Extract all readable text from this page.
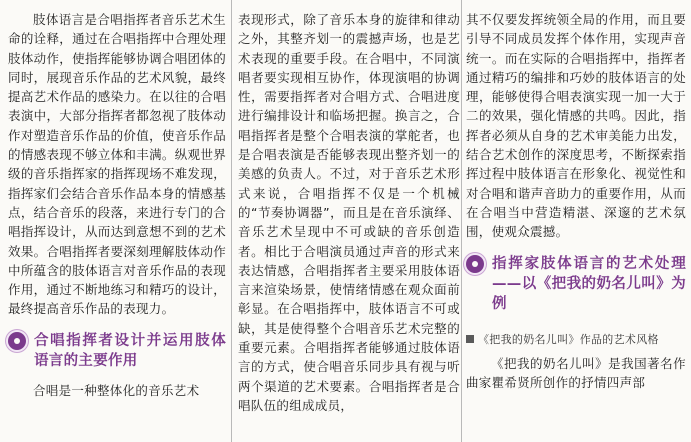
肢体语言是合唱指挥者音乐艺术生命的诠释，通过在合唱指挥中合理处理肢体动作，使指挥能够协调合唱团体的同时，展现音乐作品的艺术风貌，最终提高艺术作品的感染力。在以往的合唱表演中，大部分指挥者都忽视了肢体动作对塑造音乐作品的价值，使音乐作品的情感表现不够立体和丰满。纵观世界级的音乐指挥家的指挥现场不难发现，指挥家们会结合音乐作品本身的情感基点，结合音乐的段落，来进行专门的合唱指挥设计，从而达到意想不到的艺术效果。合唱指挥者要深刻理解肢体动作中所蕴含的肢体语言对音乐作品的表现作用，通过不断地练习和精巧的设计，最终提高音乐作品的表现力。

合唱指挥者设计并运用肢体语言的主要作用

合唱是一种整体化的音乐艺术

表现形式，除了音乐本身的旋律和律动之外，其整齐划一的震撼声场，也是艺术表现的重要手段。在合唱中，不同演唱者要实现相互协作，体现演唱的协调性，需要指挥者对合唱方式、合唱进度进行编排设计和临场把握。换言之，合唱指挥者是整个合唱表演的掌舵者，也是合唱表演是否能够表现出整齐划一的美感的负责人。不过，对于音乐艺术形式来说，合唱指挥不仅是一个机械的“节奏协调器”，而且是在音乐演绎、音乐艺术呈现中不可或缺的音乐创造者。相比于合唱演员通过声音的形式来表达情感，合唱指挥者主要采用肢体语言来渲染场景，使情绪情感在观众面前彰显。在合唱指挥中，肢体语言不可或缺，其是使得整个合唱音乐艺术完整的重要元素。合唱指挥者能够通过肢体语言的方式，使合唱音乐同步具有视与听两个渠道的艺术要素。合唱指挥者是合唱队伍的组成成员，

其不仅要发挥统领全局的作用，而且要引导不同成员发挥个体作用，实现声音统一。而在实际的合唱指挥中，指挥者通过精巧的编排和巧妙的肢体语言的处理，能够使得合唱表演实现一加一大于二的效果，强化情感的共鸣。因此，指挥者必须从自身的艺术审美能力出发，结合艺术创作的深度思考，不断探索指挥过程中肢体语言在形象化、视觉性和对合唱和谐声音助力的重要作用，从而在合唱当中营造精湛、深邃的艺术氛围，使观众震撼。

指挥家肢体语言的艺术处理——以《把我的奶名儿叫》为例
《把我的奶名儿叫》作品的艺术风格

《把我的奶名儿叫》是我国著名作曲家瞿希贤所创作的抒情四声部
